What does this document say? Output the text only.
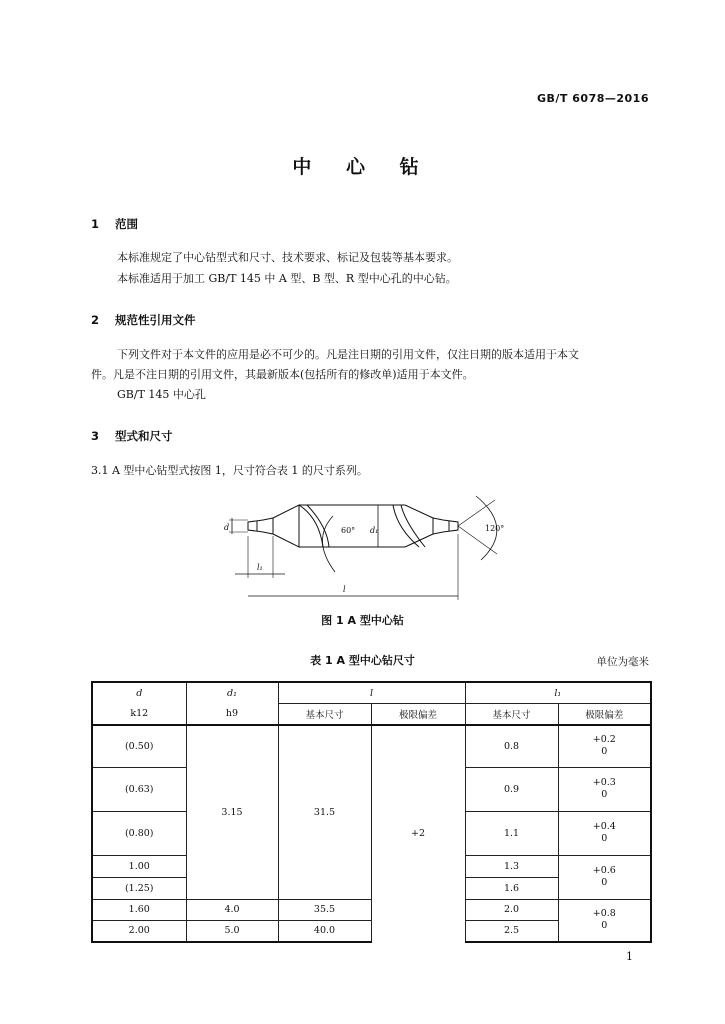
GB/T 6078—2016
中 心 钻
1 范围
本标准规定了中心钻型式和尺寸、技术要求、标记及包装等基本要求。
本标准适用于加工 GB/T 145 中 A 型、B 型、R 型中心孔的中心钻。
2 规范性引用文件
下列文件对于本文件的应用是必不可少的。凡是注日期的引用文件，仅注日期的版本适用于本文
件。凡是不注日期的引用文件，其最新版本(包括所有的修改单)适用于本文件。
GB/T 145 中心孔
3 型式和尺寸
3.1 A 型中心钻型式按图 1，尺寸符合表 1 的尺寸系列。
d
l₁
l
60° d₁	120°
图 1 A 型中心钻
表 1 A 型中心钻尺寸	单位为毫米
d	d₁	l		l₁	
k12	h9	基本尺寸	极限偏差	基本尺寸	极限偏差
(0.50)	3.15	31.5	+2	0.8	+0.2
0

(0.63)				0.9	+0.3
0

(0.80)				1.1	+0.4
0

1.00				1.3	+0.6
0

(1.25)				1.6	
1.60	4.0	35.5		2.0	+0.8
0

2.00	5.0	40.0		2.5	
1
